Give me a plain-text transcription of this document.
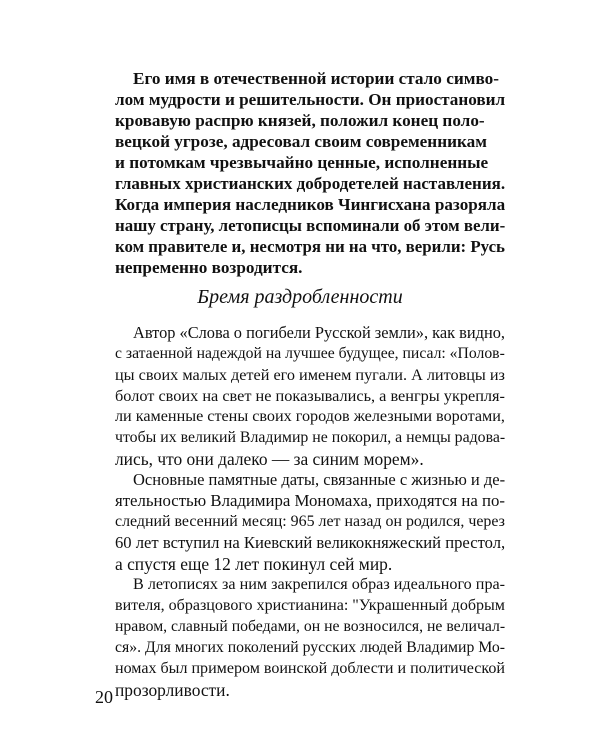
Его имя в отечественной истории стало симво-
лом мудрости и решительности. Он приостановил
кровавую распрю князей, положил конец поло-
вецкой угрозе, адресовал своим современникам
и потомкам чрезвычайно ценные, исполненные
главных христианских добродетелей наставления.
Когда империя наследников Чингисхана разоряла
нашу страну, летописцы вспоминали об этом вели-
ком правителе и, несмотря ни на что, верили: Русь
непременно возродится.
Бремя раздробленности
Автор «Слова о погибели Русской земли», как видно,
с затаенной надеждой на лучшее будущее, писал: «Полов-
цы своих малых детей его именем пугали. А литовцы из
болот своих на свет не показывались, а венгры укрепля-
ли каменные стены своих городов железными воротами,
чтобы их великий Владимир не покорил, а немцы радова-
лись, что они далеко — за синим морем».
Основные памятные даты, связанные с жизнью и де-
ятельностью Владимира Мономаха, приходятся на по-
следний весенний месяц: 965 лет назад он родился, через
60 лет вступил на Киевский великокняжеский престол,
а спустя еще 12 лет покинул сей мир.
В летописях за ним закрепился образ идеального пра-
вителя, образцового христианина: "Украшенный добрым
нравом, славный победами, он не возносился, не величал-
ся». Для многих поколений русских людей Владимир Мо-
номах был примером воинской доблести и политической
прозорливости.
20
